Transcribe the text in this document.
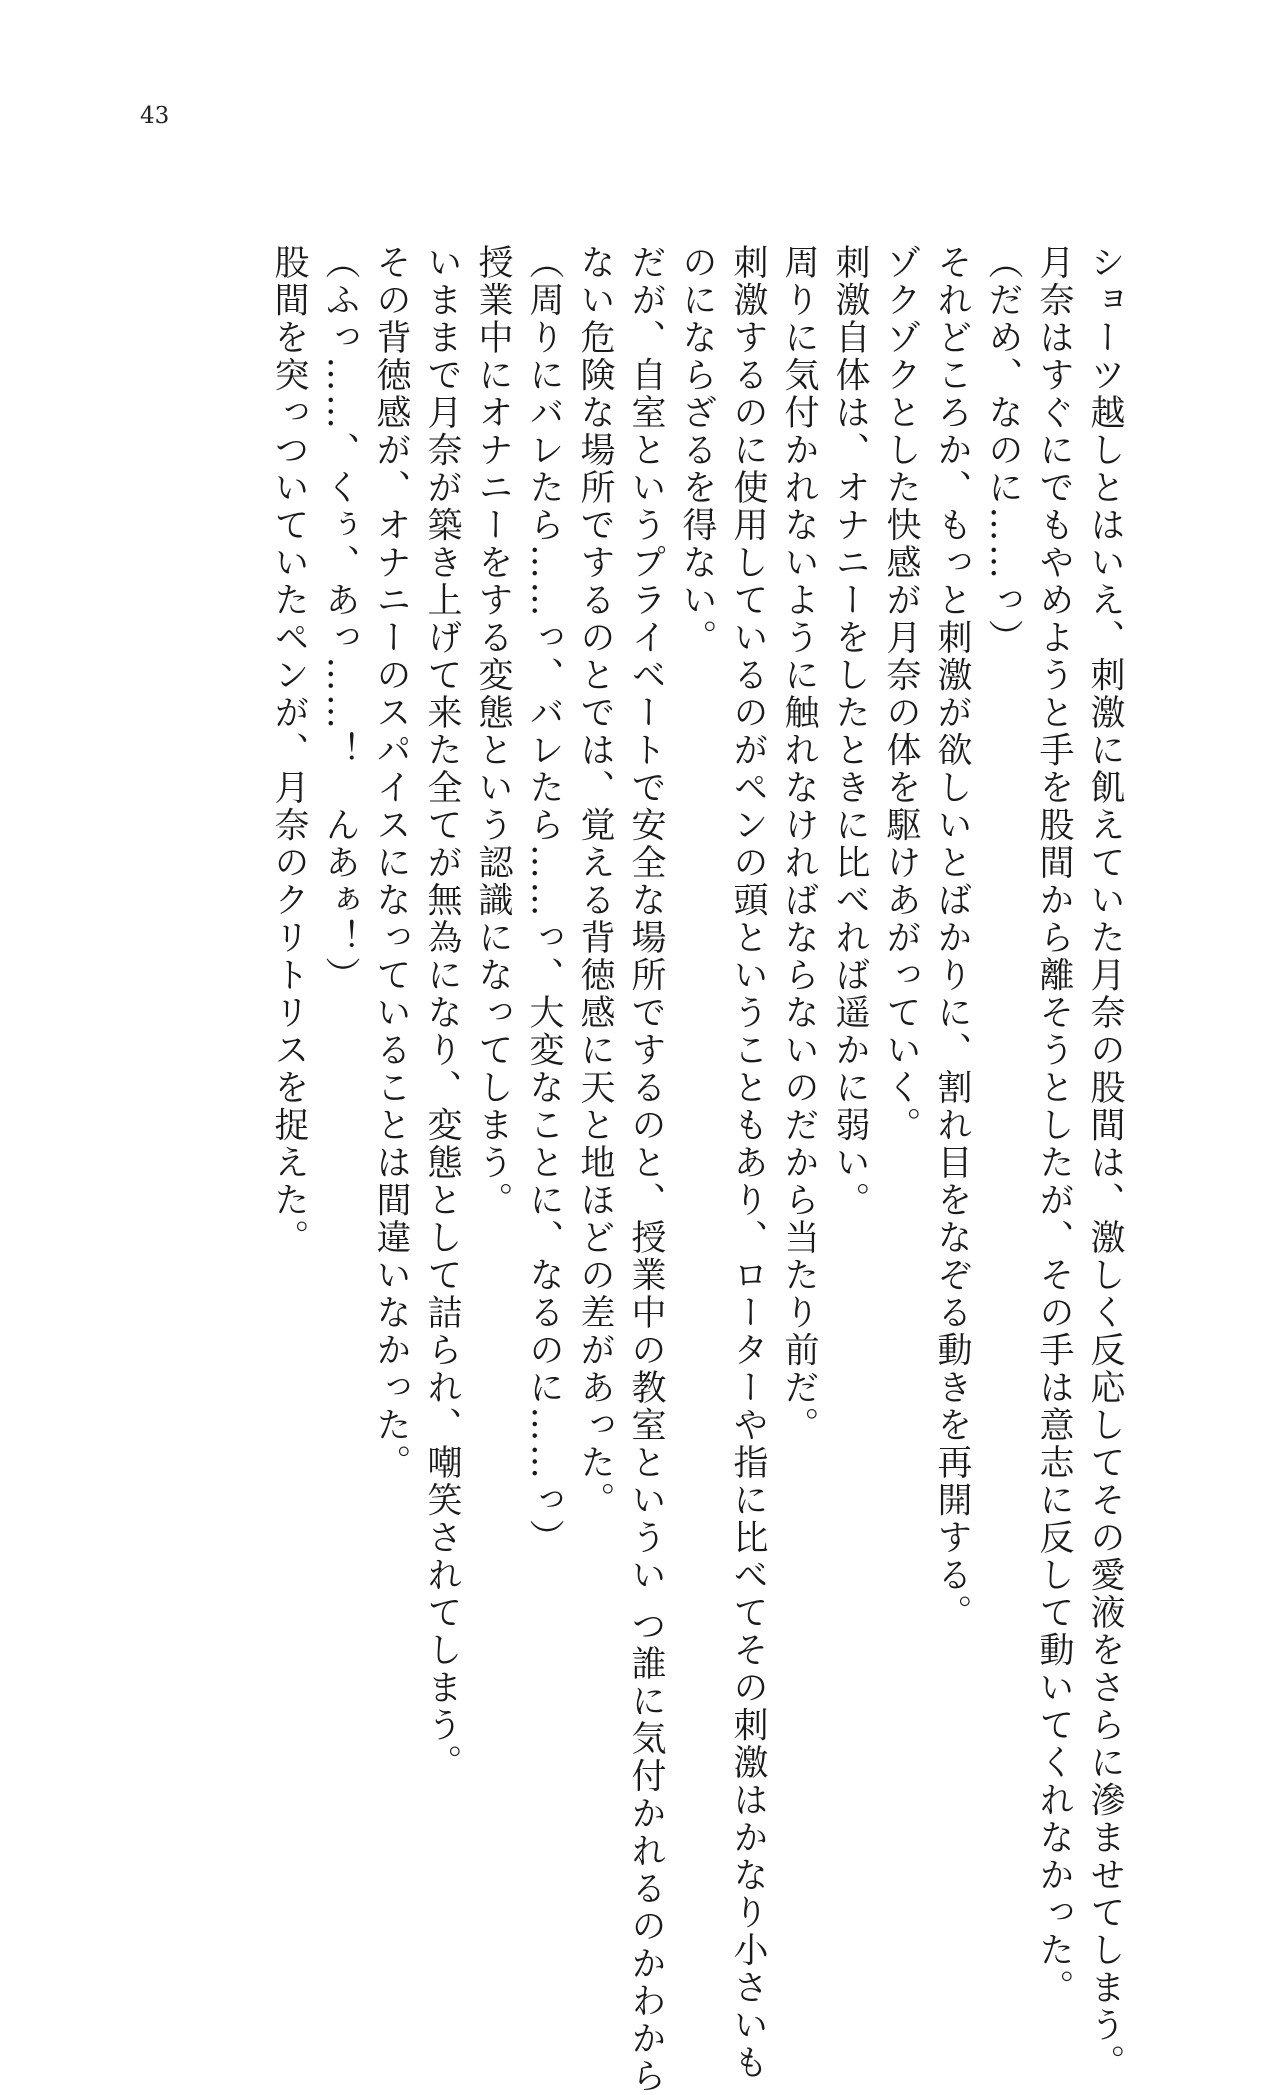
43
ショーツ越しとはいえ、刺激に飢えていた月奈の股間は、激しく反応してその愛液をさらに滲ませてしまう。
月奈はすぐにでもやめようと手を股間から離そうとしたが、その手は意志に反して動いてくれなかった。
（だめ、なのに……っ）
それどころか、もっと刺激が欲しいとばかりに、割れ目をなぞる動きを再開する。
ゾクゾクとした快感が月奈の体を駆けあがっていく。
刺激自体は、オナニーをしたときに比べれば遥かに弱い。
周りに気付かれないように触れなければならないのだから当たり前だ。
刺激するのに使用しているのがペンの頭ということもあり、ローターや指に比べてその刺激はかなり小さいも
のにならざるを得ない。
だが、自室というプライベートで安全な場所でするのと、授業中の教室というい つ誰に気付かれるのかわから
ない危険な場所でするのとでは、覚える背徳感に天と地ほどの差があった。
（周りにバレたら……っ、バレたら……っ、大変なことに、なるのに……っ）
授業中にオナニーをする変態という認識になってしまう。
いままで月奈が築き上げて来た全てが無為になり、変態として詰られ、嘲笑されてしまう。
その背徳感が、オナニーのスパイスになっていることは間違いなかった。
（ふっ……、くぅ、あっ……！　んあぁ！）
股間を突っついていたペンが、月奈のクリトリスを捉えた。
